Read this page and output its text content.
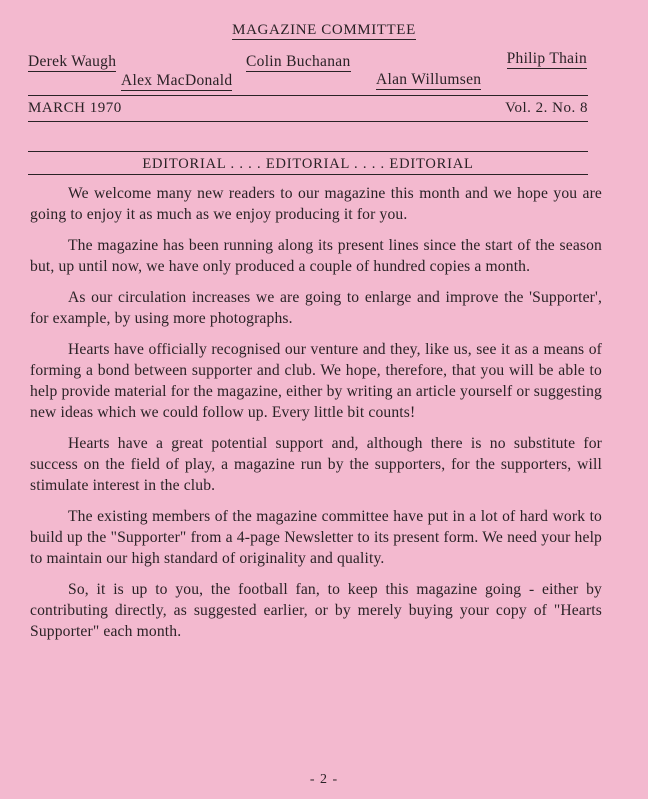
MAGAZINE COMMITTEE
Derek Waugh	Colin Buchanan	Philip Thain
Alex MacDonald	Alan Willumsen
MARCH 1970	Vol. 2. No. 8
EDITORIAL . . . . EDITORIAL . . . . EDITORIAL

We welcome many new readers to our magazine this month and we hope you are going to enjoy it as much as we enjoy producing it for you.

The magazine has been running along its present lines since the start of the season but, up until now, we have only produced a couple of hundred copies a month.

As our circulation increases we are going to enlarge and improve the 'Supporter', for example, by using more photographs.

Hearts have officially recognised our venture and they, like us, see it as a means of forming a bond between supporter and club. We hope, therefore, that you will be able to help provide material for the magazine, either by writing an article yourself or suggesting new ideas which we could follow up. Every little bit counts!

Hearts have a great potential support and, although there is no substitute for success on the field of play, a magazine run by the supporters, for the supporters, will stimulate interest in the club.

The existing members of the magazine committee have put in a lot of hard work to build up the "Supporter" from a 4-page Newsletter to its present form. We need your help to maintain our high standard of originality and quality.

So, it is up to you, the football fan, to keep this magazine going - either by contributing directly, as suggested earlier, or by merely buying your copy of "Hearts Supporter" each month.

- 2 -
